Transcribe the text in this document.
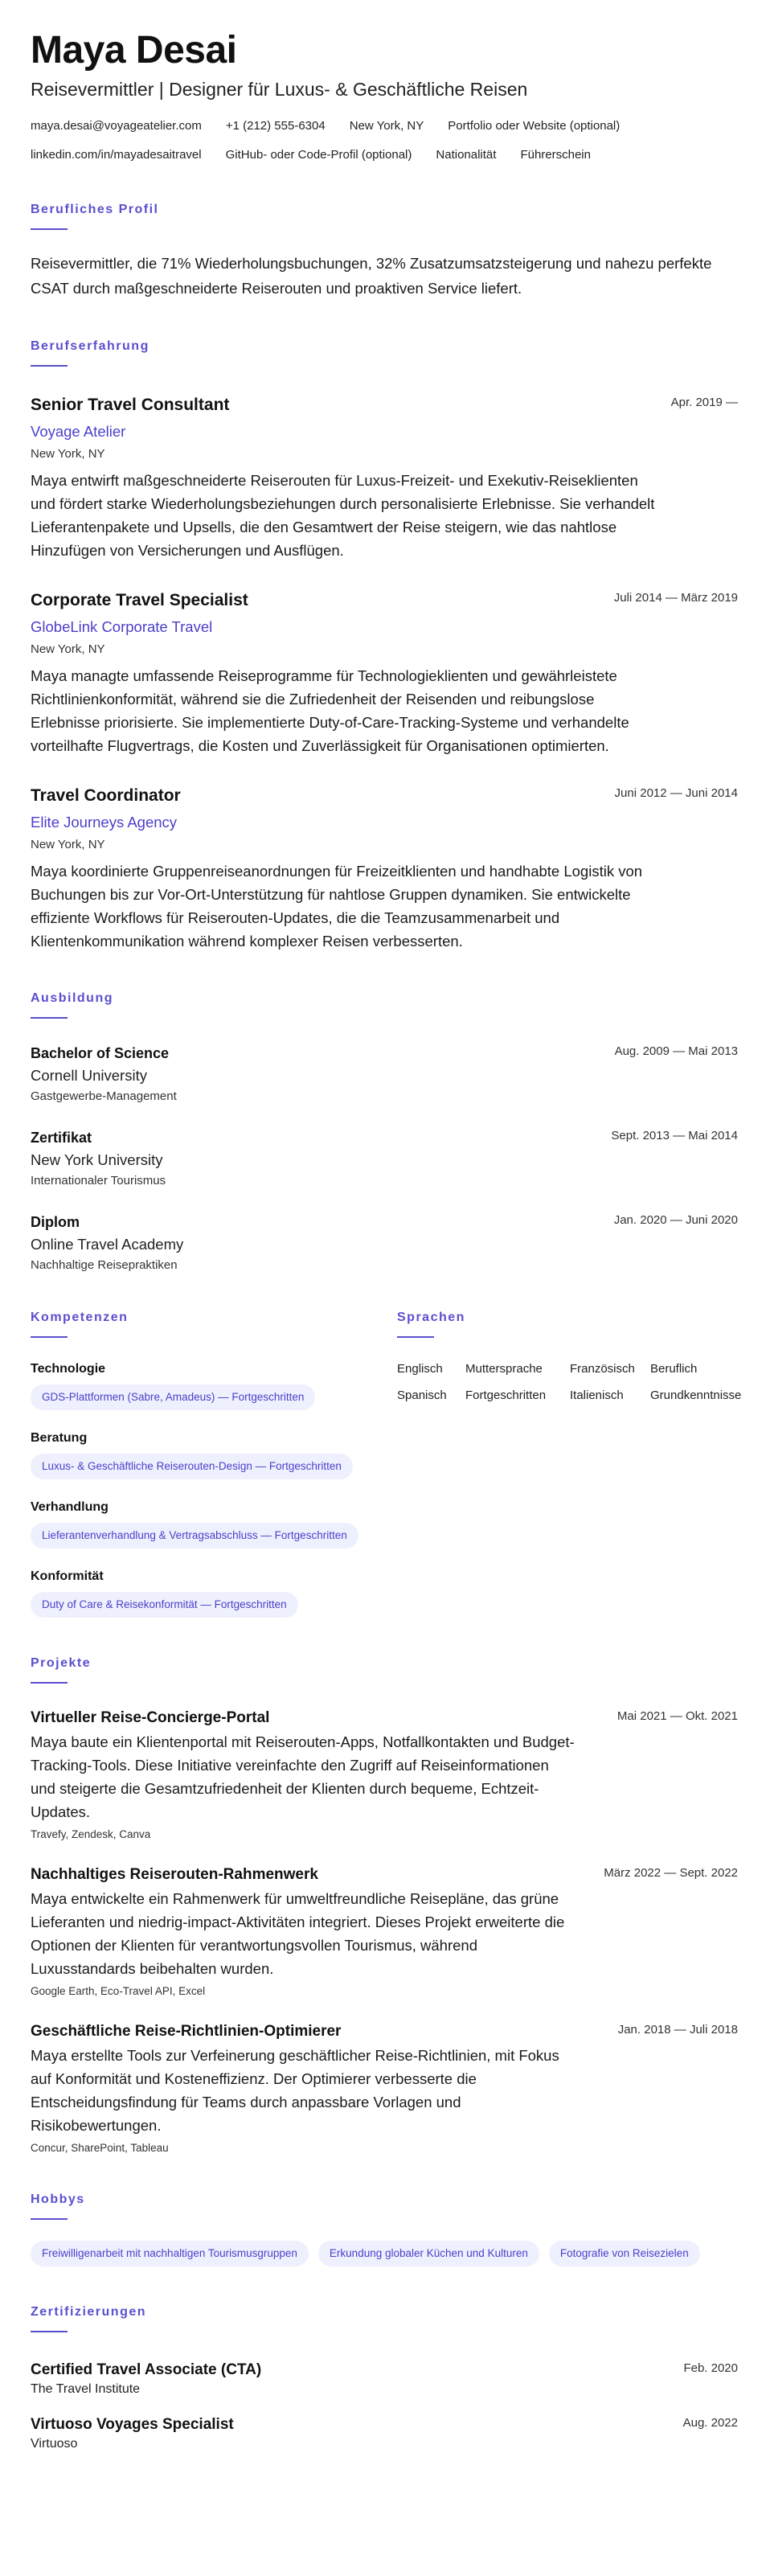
Maya Desai
Reisevermittler | Designer für Luxus- & Geschäftliche Reisen
maya.desai@voyageatelier.com +1 (212) 555-6304 New York, NY Portfolio oder Website (optional)
linkedin.com/in/mayadesaitravel GitHub- oder Code-Profil (optional) Nationalität Führerschein
Berufliches Profil
Reisevermittler, die 71% Wiederholungsbuchungen, 32% Zusatzumsatzsteigerung und nahezu perfekte CSAT durch maßgeschneiderte Reiserouten und proaktiven Service liefert.
Berufserfahrung
Senior Travel Consultant	Apr. 2019 —
Voyage Atelier
New York, NY
Maya entwirft maßgeschneiderte Reiserouten für Luxus-Freizeit- und Exekutiv-Reiseklienten und fördert starke Wiederholungsbeziehungen durch personalisierte Erlebnisse. Sie verhandelt Lieferantenpakete und Upsells, die den Gesamtwert der Reise steigern, wie das nahtlose Hinzufügen von Versicherungen und Ausflügen.
Corporate Travel Specialist	Juli 2014 — März 2019
GlobeLink Corporate Travel
New York, NY
Maya managte umfassende Reiseprogramme für Technologieklienten und gewährleistete Richtlinienkonformität, während sie die Zufriedenheit der Reisenden und reibungslose Erlebnisse priorisierte. Sie implementierte Duty-of-Care-Tracking-Systeme und verhandelte vorteilhafte Flugvertrags, die Kosten und Zuverlässigkeit für Organisationen optimierten.
Travel Coordinator	Juni 2012 — Juni 2014
Elite Journeys Agency
New York, NY
Maya koordinierte Gruppenreiseanordnungen für Freizeitklienten und handhabte Logistik von Buchungen bis zur Vor-Ort-Unterstützung für nahtlose Gruppen dynamiken. Sie entwickelte effiziente Workflows für Reiserouten-Updates, die die Teamzusammenarbeit und Klientenkommunikation während komplexer Reisen verbesserten.
Ausbildung
Bachelor of Science	Aug. 2009 — Mai 2013
Cornell University
Gastgewerbe-Management
Zertifikat	Sept. 2013 — Mai 2014
New York University
Internationaler Tourismus
Diplom	Jan. 2020 — Juni 2020
Online Travel Academy
Nachhaltige Reisepraktiken
Kompetenzen
Technologie
GDS-Plattformen (Sabre, Amadeus) — Fortgeschritten
Beratung
Luxus- & Geschäftliche Reiserouten-Design — Fortgeschritten
Verhandlung
Lieferantenverhandlung & Vertragsabschluss — Fortgeschritten
Konformität
Duty of Care & Reisekonformität — Fortgeschritten
Sprachen
Englisch	Muttersprache	Französisch	Beruflich
Spanisch	Fortgeschritten	Italienisch	Grundkenntnisse
Projekte
Virtueller Reise-Concierge-Portal	Mai 2021 — Okt. 2021
Maya baute ein Klientenportal mit Reiserouten-Apps, Notfallkontakten und Budget-Tracking-Tools. Diese Initiative vereinfachte den Zugriff auf Reiseinformationen und steigerte die Gesamtzufriedenheit der Klienten durch bequeme, Echtzeit-Updates.
Travefy, Zendesk, Canva
Nachhaltiges Reiserouten-Rahmenwerk	März 2022 — Sept. 2022
Maya entwickelte ein Rahmenwerk für umweltfreundliche Reisepläne, das grüne Lieferanten und niedrig-impact-Aktivitäten integriert. Dieses Projekt erweiterte die Optionen der Klienten für verantwortungsvollen Tourismus, während Luxusstandards beibehalten wurden.
Google Earth, Eco-Travel API, Excel
Geschäftliche Reise-Richtlinien-Optimierer	Jan. 2018 — Juli 2018
Maya erstellte Tools zur Verfeinerung geschäftlicher Reise-Richtlinien, mit Fokus auf Konformität und Kosteneffizienz. Der Optimierer verbesserte die Entscheidungsfindung für Teams durch anpassbare Vorlagen und Risikobewertungen.
Concur, SharePoint, Tableau
Hobbys
Freiwilligenarbeit mit nachhaltigen Tourismusgruppen	Erkundung globaler Küchen und Kulturen	Fotografie von Reisezielen
Zertifizierungen
Certified Travel Associate (CTA)	Feb. 2020
The Travel Institute
Virtuoso Voyages Specialist	Aug. 2022
Virtuoso
